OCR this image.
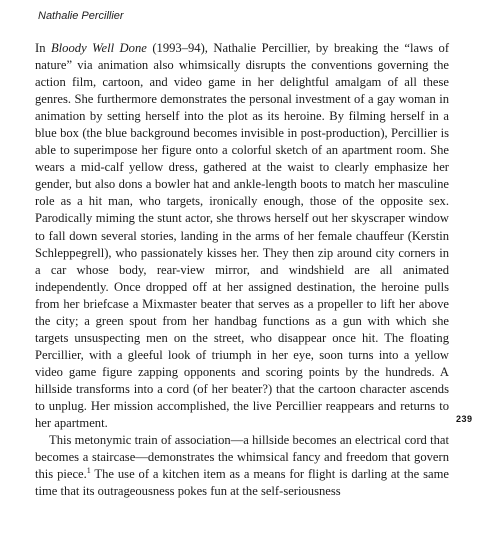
Nathalie Percillier
239

In Bloody Well Done (1993–94), Nathalie Percillier, by breaking the “laws of nature” via animation also whimsically disrupts the conventions governing the action film, cartoon, and video game in her delightful amalgam of all these genres. She furthermore demonstrates the personal investment of a gay woman in animation by setting herself into the plot as its heroine. By filming herself in a blue box (the blue background becomes invisible in post-production), Percillier is able to superimpose her figure onto a colorful sketch of an apartment room. She wears a mid-calf yellow dress, gathered at the waist to clearly emphasize her gender, but also dons a bowler hat and ankle-length boots to match her masculine role as a hit man, who targets, ironically enough, those of the opposite sex. Parodically miming the stunt actor, she throws herself out her skyscraper window to fall down several stories, landing in the arms of her female chauffeur (Kerstin Schleppegrell), who passionately kisses her. They then zip around city corners in a car whose body, rear-view mirror, and windshield are all animated independently. Once dropped off at her assigned destination, the heroine pulls from her briefcase a Mixmaster beater that serves as a propeller to lift her above the city; a green spout from her handbag functions as a gun with which she targets unsuspecting men on the street, who disappear once hit. The floating Percillier, with a gleeful look of triumph in her eye, soon turns into a yellow video game figure zapping opponents and scoring points by the hundreds. A hillside transforms into a cord (of her beater?) that the cartoon character ascends to unplug. Her mission accomplished, the live Percillier reappears and returns to her apartment.

This metonymic train of association—a hillside becomes an electrical cord that becomes a staircase—demonstrates the whimsical fancy and freedom that govern this piece.$^1$ The use of a kitchen item as a means for flight is darling at the same time that its outrageousness pokes fun at the self-seriousness
